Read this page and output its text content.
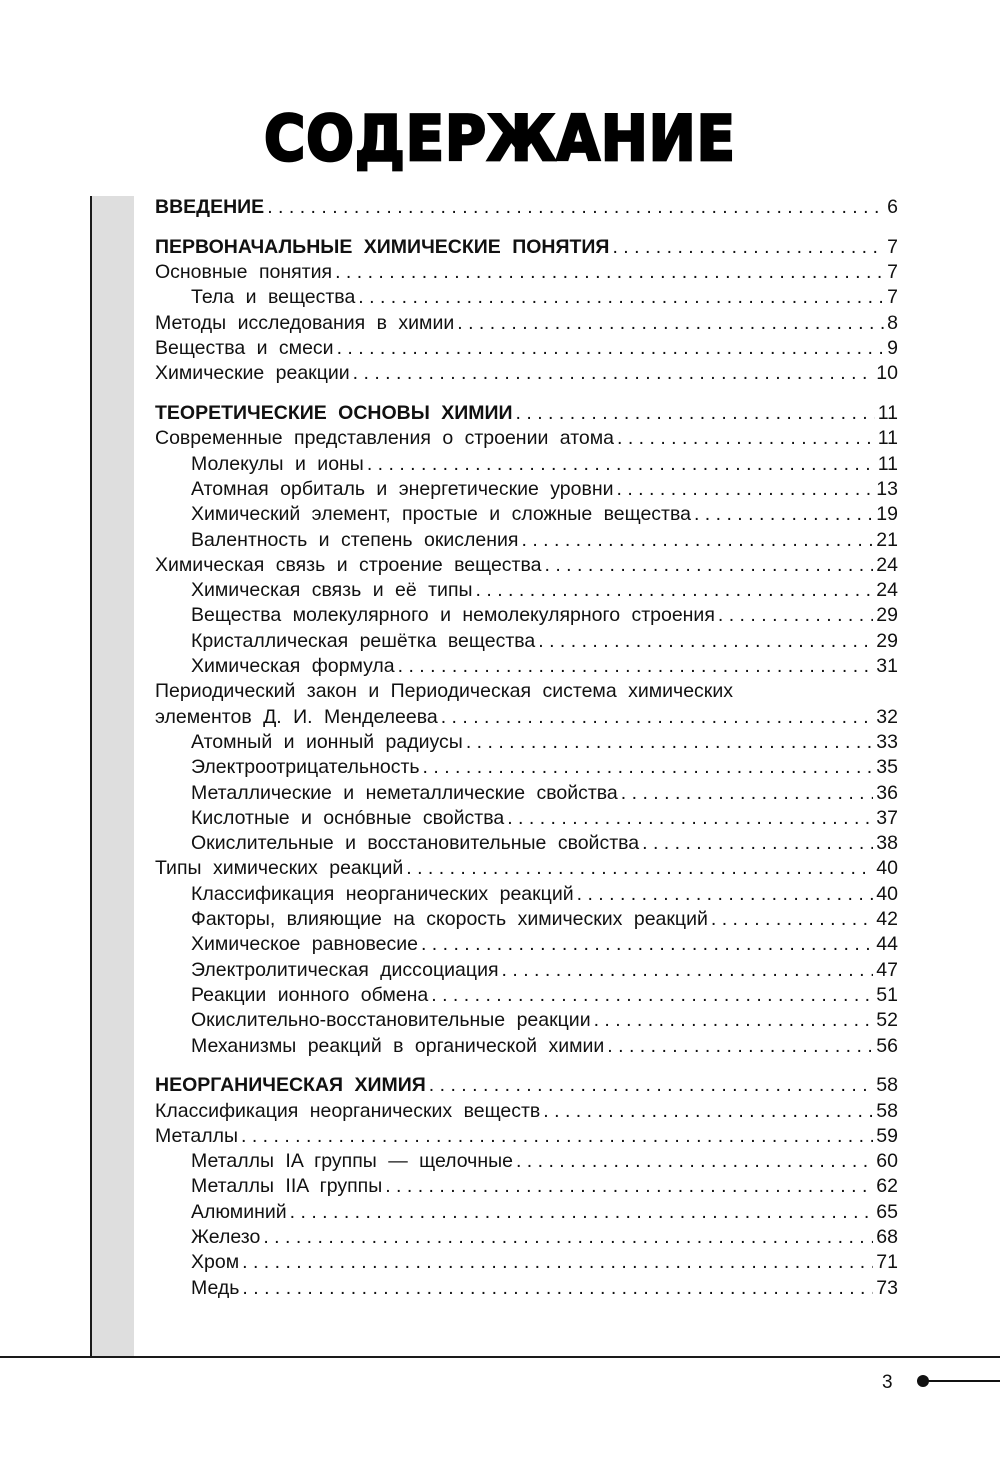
СОДЕРЖАНИЕ
ВВЕДЕНИЕ . . .	6
ПЕРВОНАЧАЛЬНЫЕ ХИМИЧЕСКИЕ ПОНЯТИЯ . . .	7
Основные понятия . . .	7
Тела и вещества . . .	7
Методы исследования в химии . . .	8
Вещества и смеси . . .	9
Химические реакции . . .	10
ТЕОРЕТИЧЕСКИЕ ОСНОВЫ ХИМИИ . . .	11
Современные представления о строении атома . . .	11
Молекулы и ионы . . .	11
Атомная орбиталь и энергетические уровни . . .	13
Химический элемент, простые и сложные вещества . . .	19
Валентность и степень окисления . . .	21
Химическая связь и строение вещества . . .	24
Химическая связь и её типы . . .	24
Вещества молекулярного и немолекулярного строения . . .	29
Кристаллическая решётка вещества . . .	29
Химическая формула . . .	31
Периодический закон и Периодическая система химических
элементов Д. И. Менделеева . . .	32
Атомный и ионный радиусы . . .	33
Электроотрицательность . . .	35
Металлические и неметаллические свойства . . .	36
Кислотные и оснóвные свойства . . .	37
Окислительные и восстановительные свойства . . .	38
Типы химических реакций . . .	40
Классификация неорганических реакций . . .	40
Факторы, влияющие на скорость химических реакций . . .	42
Химическое равновесие . . .	44
Электролитическая диссоциация . . .	47
Реакции ионного обмена . . .	51
Окислительно-восстановительные реакции . . .	52
Механизмы реакций в органической химии . . .	56
НЕОРГАНИЧЕСКАЯ ХИМИЯ . . .	58
Классификация неорганических веществ . . .	58
Металлы . . .	59
Металлы IA группы — щелочные . . .	60
Металлы IIA группы . . .	62
Алюминий . . .	65
Железо . . .	68
Хром . . .	71
Медь . . .	73
3
